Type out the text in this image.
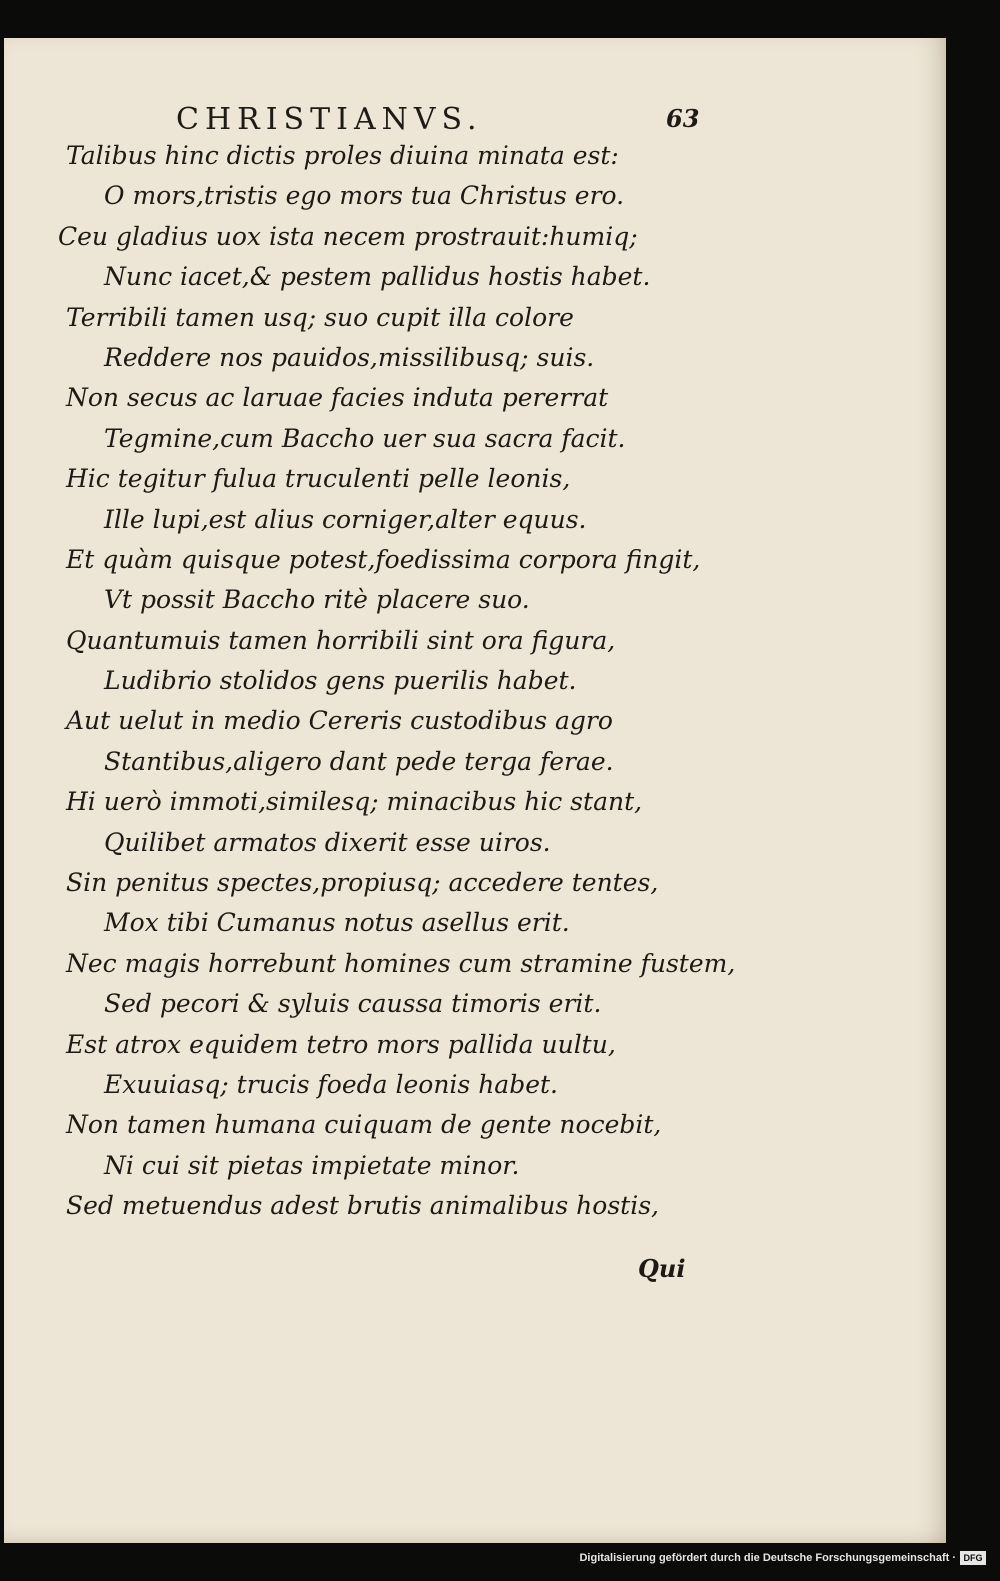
CHRISTIANVS.	63
Talibus hinc dictis proles diuina minata est:
O mors,tristis ego mors tua Christus ero.
Ceu gladius uox ista necem prostrauit:humiq;
Nunc iacet,& pestem pallidus hostis habet.
Terribili tamen usq; suo cupit illa colore
Reddere nos pauidos,missilibusq; suis.
Non secus ac laruae facies induta pererrat
Tegmine,cum Baccho uer sua sacra facit.
Hic tegitur fulua truculenti pelle leonis,
Ille lupi,est alius corniger,alter equus.
Et quàm quisque potest,foedissima corpora fingit,
Vt possit Baccho ritè placere suo.
Quantumuis tamen horribili sint ora figura,
Ludibrio stolidos gens puerilis habet.
Aut uelut in medio Cereris custodibus agro
Stantibus,aligero dant pede terga ferae.
Hi uerò immoti,similesq; minacibus hic stant,
Quilibet armatos dixerit esse uiros.
Sin penitus spectes,propiusq; accedere tentes,
Mox tibi Cumanus notus asellus erit.
Nec magis horrebunt homines cum stramine fustem,
Sed pecori & syluis caussa timoris erit.
Est atrox equidem tetro mors pallida uultu,
Exuuiasq; trucis foeda leonis habet.
Non tamen humana cuiquam de gente nocebit,
Ni cui sit pietas impietate minor.
Sed metuendus adest brutis animalibus hostis,
Qui
Digitalisierung gefördert durch die Deutsche Forschungsgemeinschaft · DFG
